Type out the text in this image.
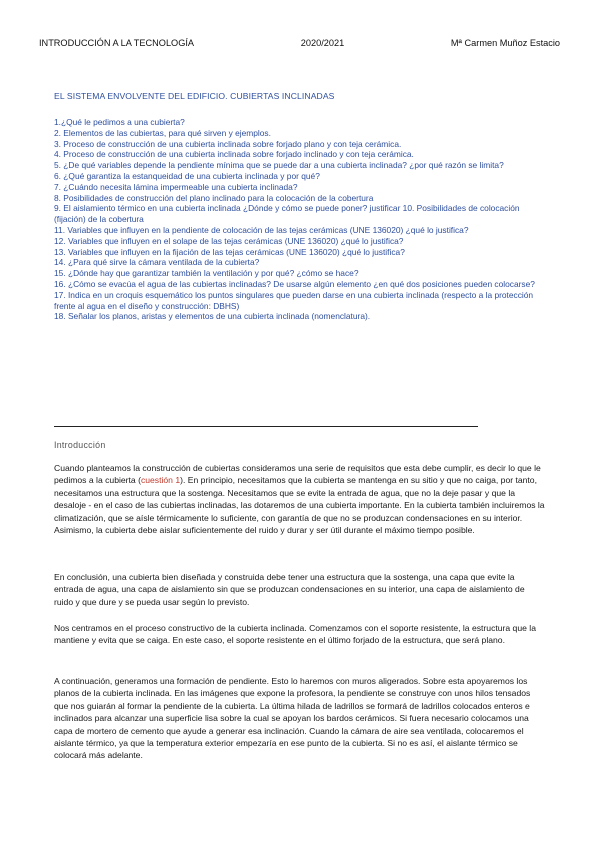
INTRODUCCIÓN A LA TECNOLOGÍA	2020/2021	Mª Carmen Muñoz Estacio
EL SISTEMA ENVOLVENTE DEL EDIFICIO. CUBIERTAS INCLINADAS
1.¿Qué le pedimos a una cubierta?
2. Elementos de las cubiertas, para qué sirven y ejemplos.
3. Proceso de construcción de una cubierta inclinada sobre forjado plano y con teja cerámica.
4. Proceso de construcción de una cubierta inclinada sobre forjado inclinado y con teja cerámica.
5. ¿De qué variables depende la pendiente mínima que se puede dar a una cubierta inclinada? ¿por qué razón se limita?
6. ¿Qué garantiza la estanqueidad de una cubierta inclinada y por qué?
7. ¿Cuándo necesita lámina impermeable una cubierta inclinada?
8. Posibilidades de construcción del plano inclinado para la colocación de la cobertura
9. El aislamiento térmico en una cubierta inclinada ¿Dónde y cómo se puede poner? justificar 10. Posibilidades de colocación (fijación) de la cobertura
11. Variables que influyen en la pendiente de colocación de las tejas cerámicas (UNE 136020) ¿qué lo justifica?
12. Variables que influyen en el solape de las tejas cerámicas (UNE 136020) ¿qué lo justifica?
13. Variables que influyen en la fijación de las tejas cerámicas (UNE 136020) ¿qué lo justifica?
14. ¿Para qué sirve la cámara ventilada de la cubierta?
15. ¿Dónde hay que garantizar también la ventilación y por qué? ¿cómo se hace?
16. ¿Cómo se evacúa el agua de las cubiertas inclinadas? De usarse algún elemento ¿en qué dos posiciones pueden colocarse?
17. Indica en un croquis esquemático los puntos singulares que pueden darse en una cubierta inclinada (respecto a la protección frente al agua en el diseño y construcción: DBHS)
18. Señalar los planos, aristas y elementos de una cubierta inclinada (nomenclatura).
Introducción

Cuando planteamos la construcción de cubiertas consideramos una serie de requisitos que esta debe cumplir, es decir lo que le pedimos a la cubierta (cuestión 1). En principio, necesitamos que la cubierta se mantenga en su sitio y que no caiga, por tanto, necesitamos una estructura que la sostenga. Necesitamos que se evite la entrada de agua, que no la deje pasar y que la desaloje - en el caso de las cubiertas inclinadas, las dotaremos de una cubierta importante. En la cubierta también incluiremos la climatización, que se aísle térmicamente lo suficiente, con garantía de que no se produzcan condensaciones en su interior. Asimismo, la cubierta debe aislar suficientemente del ruido y durar y ser útil durante el máximo tiempo posible.

En conclusión, una cubierta bien diseñada y construida debe tener una estructura que la sostenga, una capa que evite la entrada de agua, una capa de aislamiento sin que se produzcan condensaciones en su interior, una capa de aislamiento de ruido y que dure y se pueda usar según lo previsto.

Nos centramos en el proceso constructivo de la cubierta inclinada. Comenzamos con el soporte resistente, la estructura que la mantiene y evita que se caiga. En este caso, el soporte resistente en el último forjado de la estructura, que será plano.

A continuación, generamos una formación de pendiente. Esto lo haremos con muros aligerados. Sobre esta apoyaremos los planos de la cubierta inclinada. En las imágenes que expone la profesora, la pendiente se construye con unos hilos tensados que nos guiarán al formar la pendiente de la cubierta. La última hilada de ladrillos se formará de ladrillos colocados enteros e inclinados para alcanzar una superficie lisa sobre la cual se apoyan los bardos cerámicos. Si fuera necesario colocamos una capa de mortero de cemento que ayude a generar esa inclinación. Cuando la cámara de aire sea ventilada, colocaremos el aislante térmico, ya que la temperatura exterior empezaría en ese punto de la cubierta. Si no es así, el aislante térmico se colocará más adelante.
